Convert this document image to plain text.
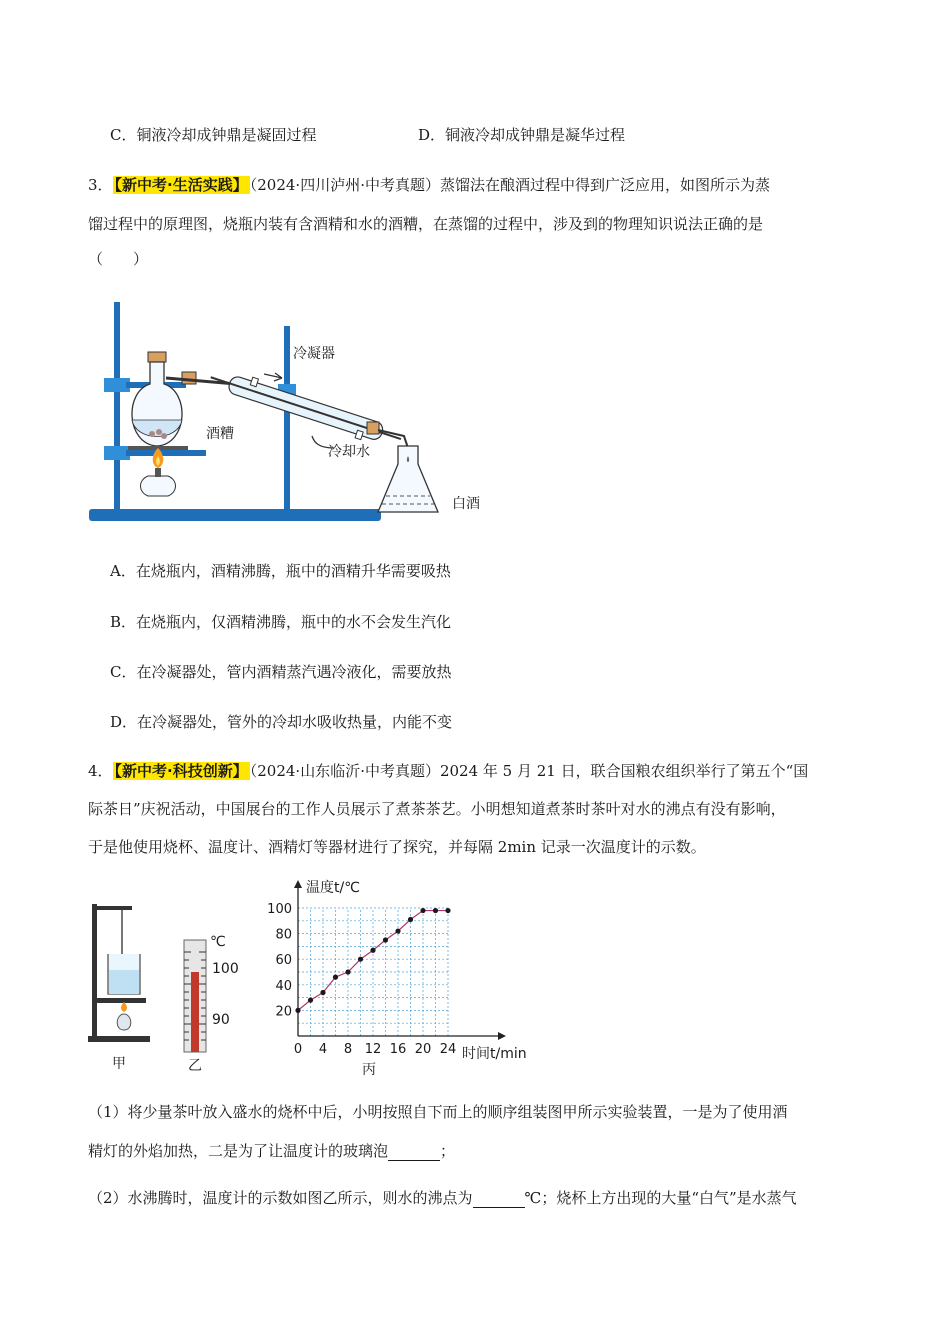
C．铜液冷却成钟鼎是凝固过程	D．铜液冷却成钟鼎是凝华过程
3． 【新中考·生活实践】 （2024·四川泸州·中考真题）蒸馏法在酿酒过程中得到广泛应用，如图所示为蒸
馏过程中的原理图，烧瓶内装有含酒精和水的酒糟，在蒸馏的过程中，涉及到的物理知识说法正确的是
（　　）
冷凝器
酒糟
冷却水
白酒
A．在烧瓶内，酒精沸腾，瓶中的酒精升华需要吸热
B．在烧瓶内，仅酒精沸腾，瓶中的水不会发生汽化
C．在冷凝器处，管内酒精蒸汽遇冷液化，需要放热
D．在冷凝器处，管外的冷却水吸收热量，内能不变
4． 【新中考·科技创新】 （2024·山东临沂·中考真题）2024 年 5 月 21 日，联合国粮农组织举行了第五个“国
际茶日”庆祝活动，中国展台的工作人员展示了煮茶茶艺。小明想知道煮茶时茶叶对水的沸点有没有影响，
于是他使用烧杯、温度计、酒精灯等器材进行了探究，并每隔 2min 记录一次温度计的示数。
甲
℃
100
90
乙
20
40
60
80
100
0 4 8 12 16 20 24
温度t/℃
时间t/min
丙
（1）将少量茶叶放入盛水的烧杯中后，小明按照自下而上的顺序组装图甲所示实验装置，一是为了使用酒
精灯的外焰加热，二是为了让温度计的玻璃泡	；
（2）水沸腾时，温度计的示数如图乙所示，则水的沸点为	℃；烧杯上方出现的大量“白气”是水蒸气
